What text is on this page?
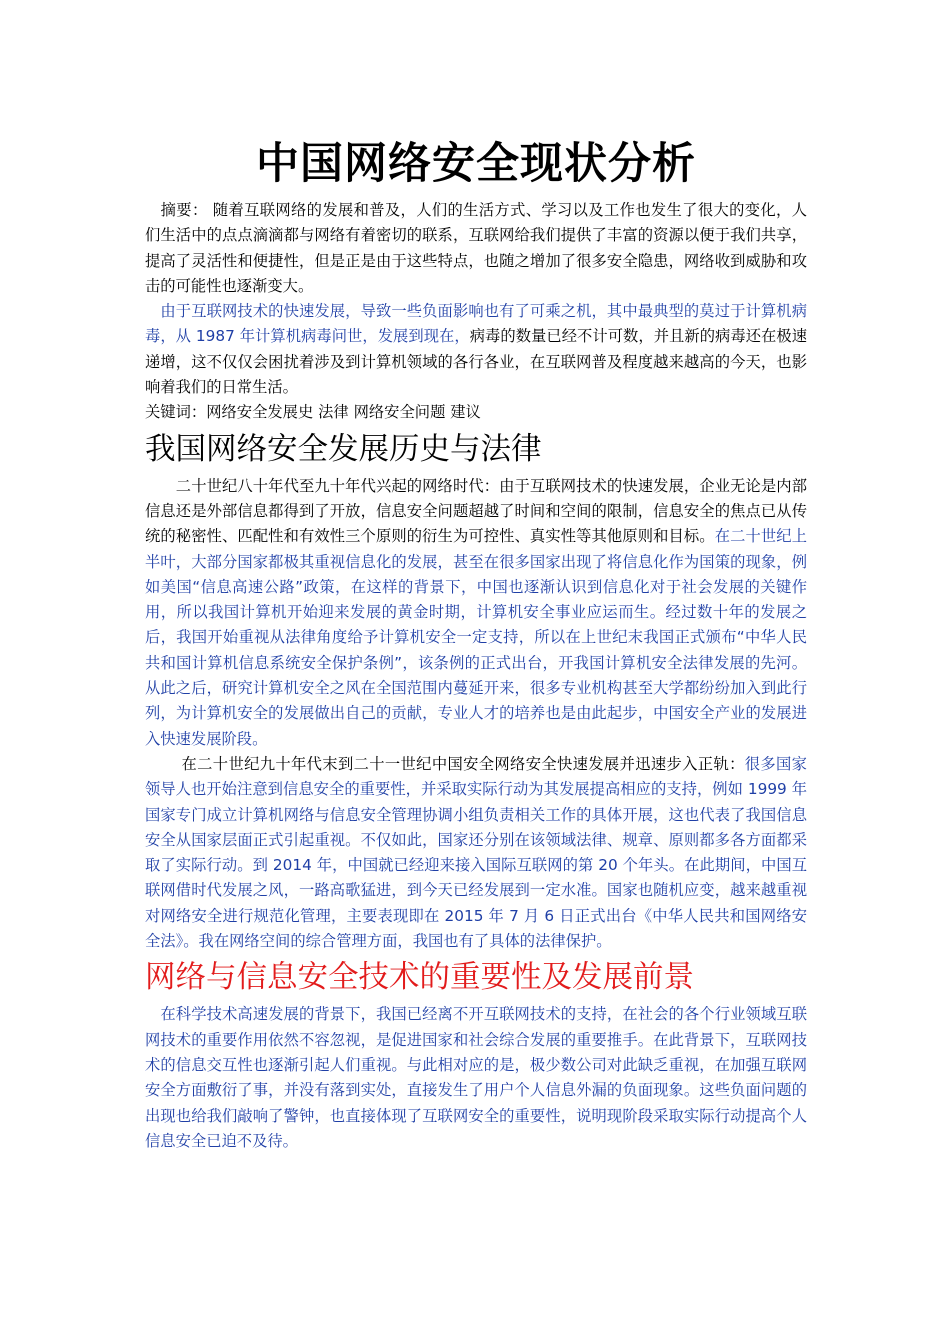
中国网络安全现状分析

　摘要： 随着互联网络的发展和普及，人们的生活方式、学习以及工作也发生了很大的变化，人们生活中的点点滴滴都与网络有着密切的联系，互联网给我们提供了丰富的资源以便于我们共享，提高了灵活性和便捷性，但是正是由于这些特点，也随之增加了很多安全隐患，网络收到威胁和攻击的可能性也逐渐变大。

　由于互联网技术的快速发展，导致一些负面影响也有了可乘之机，其中最典型的莫过于计算机病毒，从 1987 年计算机病毒问世，发展到现在，病毒的数量已经不计可数，并且新的病毒还在极速递增，这不仅仅会困扰着涉及到计算机领域的各行各业，在互联网普及程度越来越高的今天，也影响着我们的日常生活。

关键词：网络安全发展史 法律 网络安全问题 建议

我国网络安全发展历史与法律

　　二十世纪八十年代至九十年代兴起的网络时代：由于互联网技术的快速发展，企业无论是内部信息还是外部信息都得到了开放，信息安全问题超越了时间和空间的限制，信息安全的焦点已从传统的秘密性、匹配性和有效性三个原则的衍生为可控性、真实性等其他原则和目标。在二十世纪上半叶，大部分国家都极其重视信息化的发展，甚至在很多国家出现了将信息化作为国策的现象，例如美国“信息高速公路”政策，在这样的背景下，中国也逐渐认识到信息化对于社会发展的关键作用，所以我国计算机开始迎来发展的黄金时期，计算机安全事业应运而生。经过数十年的发展之后，我国开始重视从法律角度给予计算机安全一定支持，所以在上世纪末我国正式颁布“中华人民共和国计算机信息系统安全保护条例”，该条例的正式出台，开我国计算机安全法律发展的先河。从此之后，研究计算机安全之风在全国范围内蔓延开来，很多专业机构甚至大学都纷纷加入到此行列，为计算机安全的发展做出自己的贡献，专业人才的培养也是由此起步，中国安全产业的发展进入快速发展阶段。

　　 在二十世纪九十年代末到二十一世纪中国安全网络安全快速发展并迅速步入正轨：很多国家领导人也开始注意到信息安全的重要性，并采取实际行动为其发展提高相应的支持，例如 1999 年国家专门成立计算机网络与信息安全管理协调小组负责相关工作的具体开展，这也代表了我国信息安全从国家层面正式引起重视。不仅如此，国家还分别在该领域法律、规章、原则都多各方面都采取了实际行动。到 2014 年，中国就已经迎来接入国际互联网的第 20 个年头。在此期间，中国互联网借时代发展之风，一路高歌猛进，到今天已经发展到一定水准。国家也随机应变，越来越重视对网络安全进行规范化管理，主要表现即在 2015 年 7 月 6 日正式出台《中华人民共和国网络安全法》。我在网络空间的综合管理方面，我国也有了具体的法律保护。

网络与信息安全技术的重要性及发展前景

　在科学技术高速发展的背景下，我国已经离不开互联网技术的支持，在社会的各个行业领域互联网技术的重要作用依然不容忽视，是促进国家和社会综合发展的重要推手。在此背景下，互联网技术的信息交互性也逐渐引起人们重视。与此相对应的是，极少数公司对此缺乏重视，在加强互联网安全方面敷衍了事，并没有落到实处，直接发生了用户个人信息外漏的负面现象。这些负面问题的出现也给我们敲响了警钟，也直接体现了互联网安全的重要性，说明现阶段采取实际行动提高个人信息安全已迫不及待。
